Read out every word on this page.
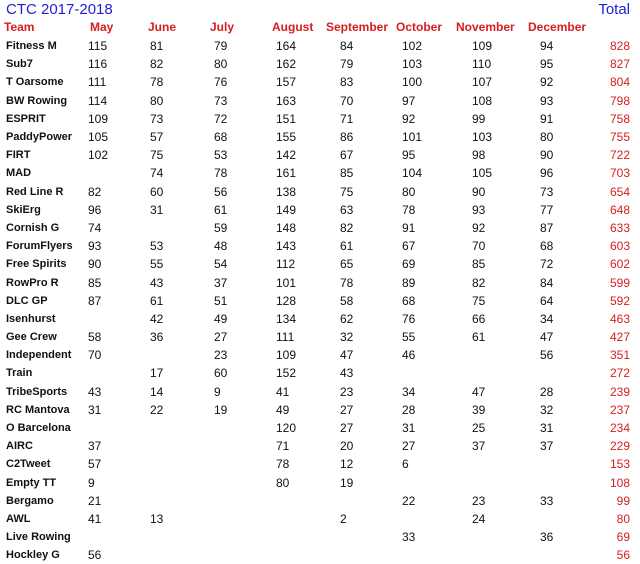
CTC 2017-2018	Total
Team	May	June	July	August	September	October	November	December	
Fitness M	115	81	79	164	84	102	109	94	828
Sub7	116	82	80	162	79	103	110	95	827
T Oarsome	111	78	76	157	83	100	107	92	804
BW Rowing	114	80	73	163	70	97	108	93	798
ESPRIT	109	73	72	151	71	92	99	91	758
PaddyPower	105	57	68	155	86	101	103	80	755
FIRT	102	75	53	142	67	95	98	90	722
MAD		74	78	161	85	104	105	96	703
Red Line R	82	60	56	138	75	80	90	73	654
SkiErg	96	31	61	149	63	78	93	77	648
Cornish G	74		59	148	82	91	92	87	633
ForumFlyers	93	53	48	143	61	67	70	68	603
Free Spirits	90	55	54	112	65	69	85	72	602
RowPro R	85	43	37	101	78	89	82	84	599
DLC GP	87	61	51	128	58	68	75	64	592
Isenhurst		42	49	134	62	76	66	34	463
Gee Crew	58	36	27	111	32	55	61	47	427
Independent	70		23	109	47	46		56	351
Train		17	60	152	43				272
TribeSports	43	14	9	41	23	34	47	28	239
RC Mantova	31	22	19	49	27	28	39	32	237
O Barcelona				120	27	31	25	31	234
AIRC	37			71	20	27	37	37	229
C2Tweet	57			78	12	6			153
Empty TT	9			80	19				108
Bergamo	21					22	23	33	99
AWL	41	13			2		24		80
Live Rowing						33		36	69
Hockley G	56								56
